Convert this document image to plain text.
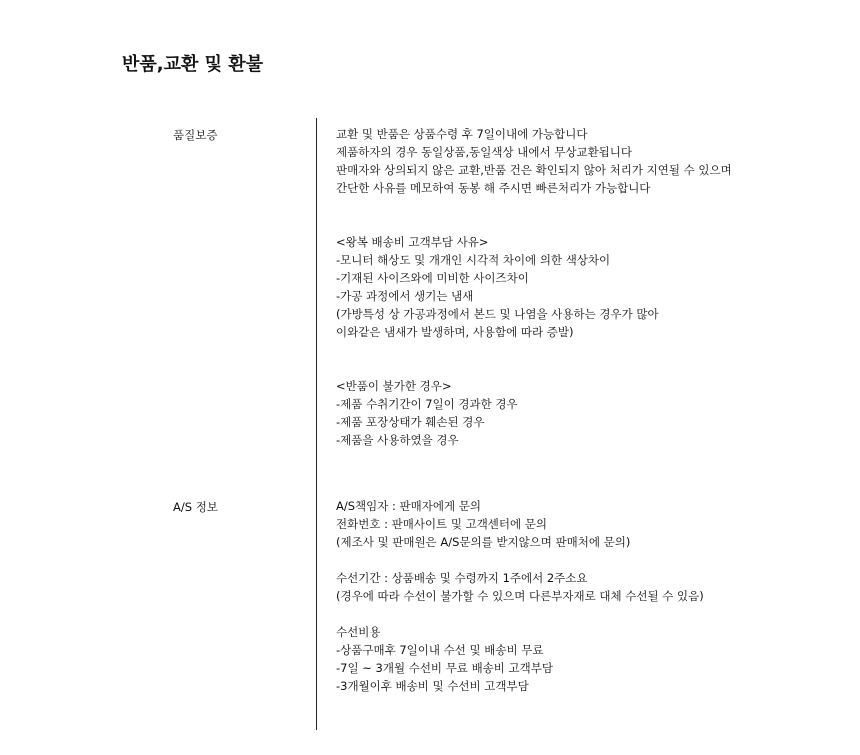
반품,교환 및 환불
품질보증
A/S 정보

교환 및 반품은 상품수령 후 7일이내에 가능합니다

제품하자의 경우 동일상품,동일색상 내에서 무상교환됩니다

판매자와 상의되지 않은 교환,반품 건은 확인되지 않아 처리가 지연될 수 있으며

간단한 사유를 메모하여 동봉 해 주시면 빠른처리가 가능합니다

<왕복 배송비 고객부담 사유>

-모니터 해상도 및 개개인 시각적 차이에 의한 색상차이

-기재된 사이즈와에 미비한 사이즈차이

-가공 과정에서 생기는 냄새

(가방특성 상 가공과정에서 본드 및 나염을 사용하는 경우가 많아

이와같은 냄새가 발생하며, 사용함에 따라 증발)

<반품이 불가한 경우>

-제품 수취기간이 7일이 경과한 경우

-제품 포장상태가 훼손된 경우

-제품을 사용하였을 경우

A/S책임자 : 판매자에게 문의

전화번호 : 판매사이트 및 고객센터에 문의

(제조사 및 판매원은 A/S문의를 받지않으며 판매처에 문의)

수선기간 : 상품배송 및 수령까지 1주에서 2주소요

(경우에 따라 수선이 불가할 수 있으며 다른부자재로 대체 수선될 수 있음)

수선비용

-상품구매후 7일이내 수선 및 배송비 무료

-7일 ~ 3개월 수선비 무료 배송비 고객부담

-3개월이후 배송비 및 수선비 고객부담
